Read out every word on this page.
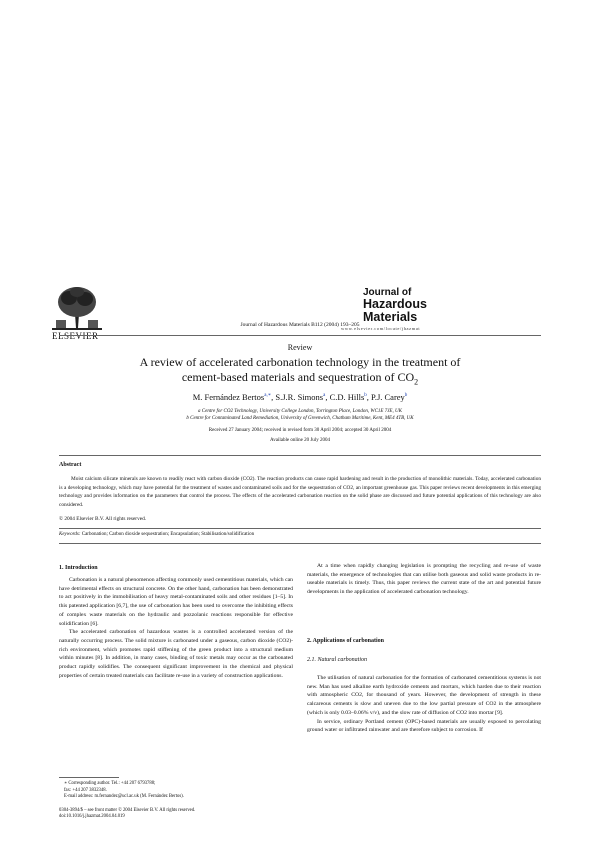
ELSEVIER
Journal of Hazardous Materials B112 (2004) 193–205
Journal of
Hazardous
Materials
www.elsevier.com/locate/jhazmat
Review
A review of accelerated carbonation technology in the treatment of
cement-based materials and sequestration of $CO_2$
M. Fernández Bertos$^{a,∗}$, S.J.R. Simons$^a$, C.D. Hills$^b$, P.J. Carey$^b$
a Centre for CO2 Technology, University College London, Torrington Place, London, WC1E 7JE, UK
b Centre for Contaminated Land Remediation, University of Greenwich, Chatham Maritime, Kent, ME4 4TB, UK
Received 27 January 2004; received in revised form 30 April 2004; accepted 30 April 2004
Available online 20 July 2004
Abstract

Moist calcium silicate minerals are known to readily react with carbon dioxide (CO2). The reaction products can cause rapid hardening and result in the production of monolithic materials. Today, accelerated carbonation is a developing technology, which may have potential for the treatment of wastes and contaminated soils and for the sequestration of CO2, an important greenhouse gas. This paper reviews recent developments in this emerging technology and provides information on the parameters that control the process. The effects of the accelerated carbonation reaction on the solid phase are discussed and future potential applications of this technology are also considered.

© 2004 Elsevier B.V. All rights reserved.
Keywords: Carbonation; Carbon dioxide sequestration; Encapsulation; Stabilisation/solidification
1. Introduction

Carbonation is a natural phenomenon affecting commonly used cementitious materials, which can have detrimental effects on structural concrete. On the other hand, carbonation has been demonstrated to act positively in the immobilisation of heavy metal-contaminated soils and other residues [1–5]. In this patented application [6,7], the use of carbonation has been used to overcome the inhibiting effects of complex waste materials on the hydraulic and pozzolanic reactions responsible for effective solidification [6].

The accelerated carbonation of hazardous wastes is a controlled accelerated version of the naturally occurring process. The solid mixture is carbonated under a gaseous, carbon dioxide (CO2)-rich environment, which promotes rapid stiffening of the green product into a structural medium within minutes [8]. In addition, in many cases, binding of toxic metals may occur as the carbonated product rapidly solidifies. The consequent significant improvement in the chemical and physical properties of certain treated materials can facilitate re-use in a variety of construction applications.

∗ Corresponding author. Tel.: +44 207 6793788;
fax: +44 207 3832348.
E-mail address: m.fernandez@ucl.ac.uk (M. Fernández Bertos).
0304-3894/$ – see front matter © 2004 Elsevier B.V. All rights reserved.
doi:10.1016/j.jhazmat.2004.04.019

At a time when rapidly changing legislation is prompting the recycling and re-use of waste materials, the emergence of technologies that can utilise both gaseous and solid waste products in re-useable materials is timely. Thus, this paper reviews the current state of the art and potential future developments in the application of accelerated carbonation technology.

2. Applications of carbonation
2.1. Natural carbonation

The utilisation of natural carbonation for the formation of carbonated cementitious systems is not new. Man has used alkaline earth hydroxide cements and mortars, which harden due to their reaction with atmospheric CO2, for thousand of years. However, the development of strength in these calcareous cements is slow and uneven due to the low partial pressure of CO2 in the atmosphere (which is only 0.03–0.06% v/v), and the slow rate of diffusion of CO2 into mortar [9].

In service, ordinary Portland cement (OPC)-based materials are usually exposed to percolating ground water or infiltrated rainwater and are therefore subject to corrosion. If
